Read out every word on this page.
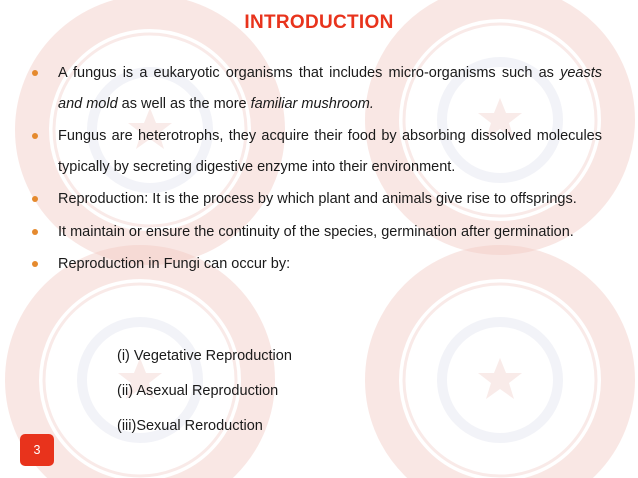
INTRODUCTION
A fungus is a eukaryotic organisms that includes micro-organisms such as yeasts and mold as well as the more familiar mushroom.
Fungus are heterotrophs, they acquire their food by absorbing dissolved molecules typically by secreting digestive enzyme into their environment.
Reproduction: It is the process by which plant and animals give rise to offsprings.
It maintain or ensure the continuity of the species, germination after germination.
Reproduction in Fungi can occur by:
(i) Vegetative Reproduction
(ii) Asexual Reproduction
(iii)Sexual Reroduction
3
